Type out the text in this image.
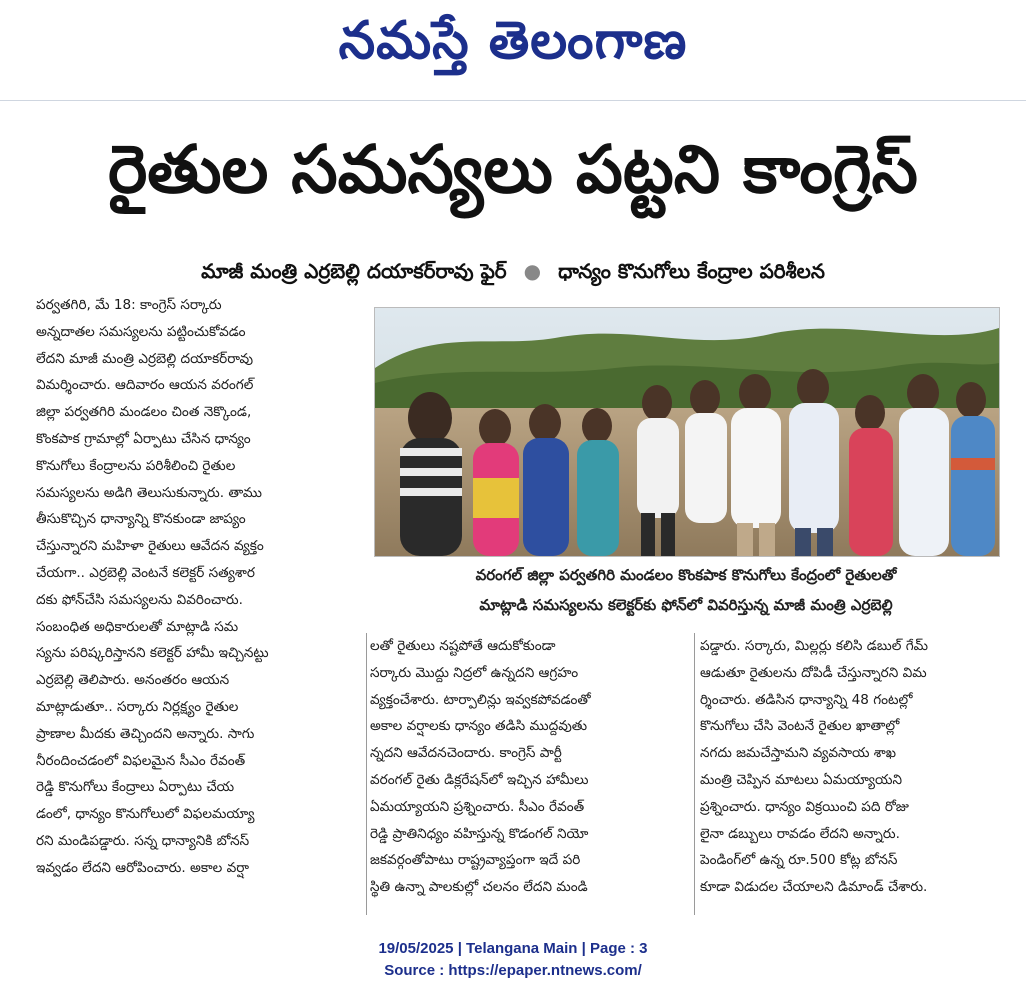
నమస్తే తెలంగాణ
రైతుల సమస్యలు పట్టని కాంగ్రెస్
మాజీ మంత్రి ఎర్రబెల్లి దయాకర్‌రావు ఫైర్ ● ధాన్యం కొనుగోలు కేంద్రాల పరిశీలన
పర్వతగిరి, మే 18: కాంగ్రెస్ సర్కారు
అన్నదాతల సమస్యలను పట్టించుకోవడం
లేదని మాజీ మంత్రి ఎర్రబెల్లి దయాకర్‌రావు
విమర్శించారు. ఆదివారం ఆయన వరంగల్
జిల్లా పర్వతగిరి మండలం చింత నెక్కొండ,
కొంకపాక గ్రామాల్లో ఏర్పాటు చేసిన ధాన్యం
కొనుగోలు కేంద్రాలను పరిశీలించి రైతుల
సమస్యలను అడిగి తెలుసుకున్నారు. తాము
తీసుకొచ్చిన ధాన్యాన్ని కొనకుండా జాప్యం
చేస్తున్నారని మహిళా రైతులు ఆవేదన వ్యక్తం
చేయగా.. ఎర్రబెల్లి వెంటనే కలెక్టర్ సత్యశార
దకు ఫోన్‌చేసి సమస్యలను వివరించారు.
సంబంధిత అధికారులతో మాట్లాడి సమ
స్యను పరిష్కరిస్తానని కలెక్టర్ హామీ ఇచ్చినట్టు
ఎర్రబెల్లి తెలిపారు. అనంతరం ఆయన
మాట్లాడుతూ.. సర్కారు నిర్లక్ష్యం రైతుల
ప్రాణాల మీదకు తెచ్చిందని అన్నారు. సాగు
నీరందించడంలో విఫలమైన సీఎం రేవంత్
రెడ్డి కొనుగోలు కేంద్రాలు ఏర్పాటు చేయ
డంలో, ధాన్యం కొనుగోలులో విఫలమయ్యా
రని మండిపడ్డారు. సన్న ధాన్యానికి బోనస్
ఇవ్వడం లేదని ఆరోపించారు. అకాల వర్షా
వరంగల్ జిల్లా పర్వతగిరి మండలం కొంకపాక కొనుగోలు కేంద్రంలో రైతులతో
మాట్లాడి సమస్యలను కలెక్టర్‌కు ఫోన్‌లో వివరిస్తున్న మాజీ మంత్రి ఎర్రబెల్లి
లతో రైతులు నష్టపోతే ఆదుకోకుండా
సర్కారు మొద్దు నిద్రలో ఉన్నదని ఆగ్రహం
వ్యక్తంచేశారు. టార్పాలిన్లు ఇవ్వకపోవడంతో
అకాల వర్షాలకు ధాన్యం తడిసి ముద్దవుతు
న్నదని ఆవేదనచెందారు. కాంగ్రెస్ పార్టీ
వరంగల్ రైతు డిక్లరేషన్‌లో ఇచ్చిన హామీలు
ఏమయ్యాయని ప్రశ్నించారు. సీఎం రేవంత్
రెడ్డి ప్రాతినిధ్యం వహిస్తున్న కొడంగల్ నియో
జకవర్గంతోపాటు రాష్ట్రవ్యాప్తంగా ఇదే పరి
స్థితి ఉన్నా పాలకుల్లో చలనం లేదని మండి
పడ్డారు. సర్కారు, మిల్లర్లు కలిసి డబుల్ గేమ్
ఆడుతూ రైతులను దోపిడీ చేస్తున్నారని విమ
ర్శించారు. తడిసిన ధాన్యాన్ని 48 గంటల్లో
కొనుగోలు చేసి వెంటనే రైతుల ఖాతాల్లో
నగదు జమచేస్తామని వ్యవసాయ శాఖ
మంత్రి చెప్పిన మాటలు ఏమయ్యాయని
ప్రశ్నించారు. ధాన్యం విక్రయించి పది రోజు
లైనా డబ్బులు రావడం లేదని అన్నారు.
పెండింగ్‌లో ఉన్న రూ.500 కోట్ల బోనస్
కూడా విడుదల చేయాలని డిమాండ్ చేశారు.
19/05/2025 | Telangana Main | Page : 3
Source : https://epaper.ntnews.com/
